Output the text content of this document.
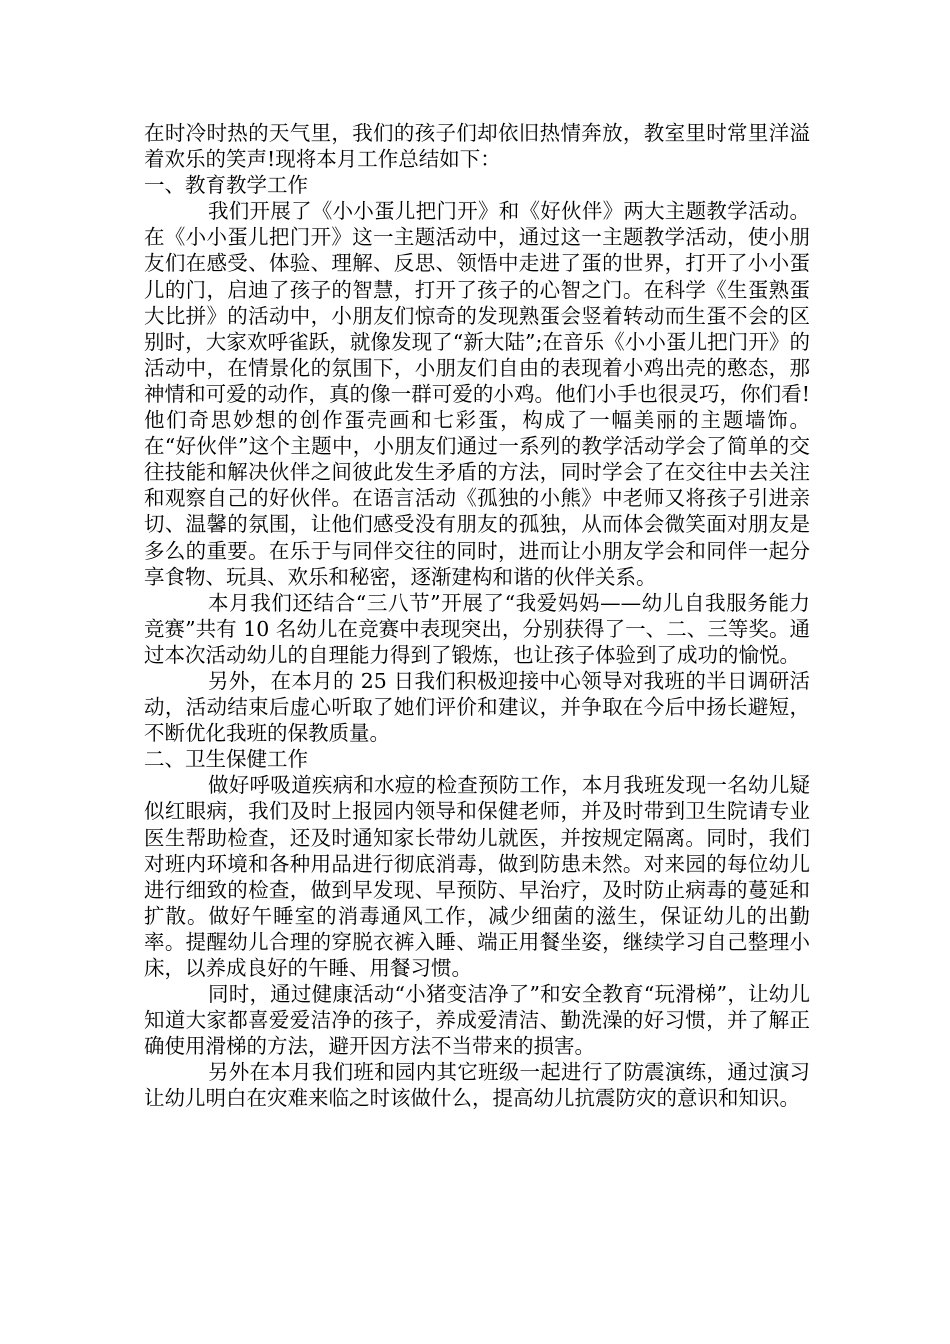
在时冷时热的天气里，我们的孩子们却依旧热情奔放，教室里时常里洋溢着欢乐的笑声!现将本月工作总结如下：

一、教育教学工作

我们开展了《小小蛋儿把门开》和《好伙伴》两大主题教学活动。在《小小蛋儿把门开》这一主题活动中，通过这一主题教学活动，使小朋友们在感受、体验、理解、反思、领悟中走进了蛋的世界，打开了小小蛋儿的门，启迪了孩子的智慧，打开了孩子的心智之门。在科学《生蛋熟蛋大比拼》的活动中，小朋友们惊奇的发现熟蛋会竖着转动而生蛋不会的区别时，大家欢呼雀跃，就像发现了“新大陆”;在音乐《小小蛋儿把门开》的活动中，在情景化的氛围下，小朋友们自由的表现着小鸡出壳的憨态，那神情和可爱的动作，真的像一群可爱的小鸡。他们小手也很灵巧，你们看!他们奇思妙想的创作蛋壳画和七彩蛋，构成了一幅美丽的主题墙饰。在“好伙伴”这个主题中，小朋友们通过一系列的教学活动学会了简单的交往技能和解决伙伴之间彼此发生矛盾的方法，同时学会了在交往中去关注和观察自己的好伙伴。在语言活动《孤独的小熊》中老师又将孩子引进亲切、温馨的氛围，让他们感受没有朋友的孤独，从而体会微笑面对朋友是多么的重要。在乐于与同伴交往的同时，进而让小朋友学会和同伴一起分享食物、玩具、欢乐和秘密，逐渐建构和谐的伙伴关系。

本月我们还结合“三八节”开展了“我爱妈妈——幼儿自我服务能力竞赛”共有 10 名幼儿在竞赛中表现突出，分别获得了一、二、三等奖。通过本次活动幼儿的自理能力得到了锻炼，也让孩子体验到了成功的愉悦。

另外，在本月的 25 日我们积极迎接中心领导对我班的半日调研活动，活动结束后虚心听取了她们评价和建议，并争取在今后中扬长避短，不断优化我班的保教质量。

二、卫生保健工作

做好呼吸道疾病和水痘的检查预防工作，本月我班发现一名幼儿疑似红眼病，我们及时上报园内领导和保健老师，并及时带到卫生院请专业医生帮助检查，还及时通知家长带幼儿就医，并按规定隔离。同时，我们对班内环境和各种用品进行彻底消毒，做到防患未然。对来园的每位幼儿进行细致的检查，做到早发现、早预防、早治疗，及时防止病毒的蔓延和扩散。做好午睡室的消毒通风工作，减少细菌的滋生，保证幼儿的出勤率。提醒幼儿合理的穿脱衣裤入睡、端正用餐坐姿，继续学习自己整理小床，以养成良好的午睡、用餐习惯。

同时，通过健康活动“小猪变洁净了”和安全教育“玩滑梯”，让幼儿知道大家都喜爱爱洁净的孩子，养成爱清洁、勤洗澡的好习惯，并了解正确使用滑梯的方法，避开因方法不当带来的损害。

另外在本月我们班和园内其它班级一起进行了防震演练，通过演习让幼儿明白在灾难来临之时该做什么，提高幼儿抗震防灾的意识和知识。
